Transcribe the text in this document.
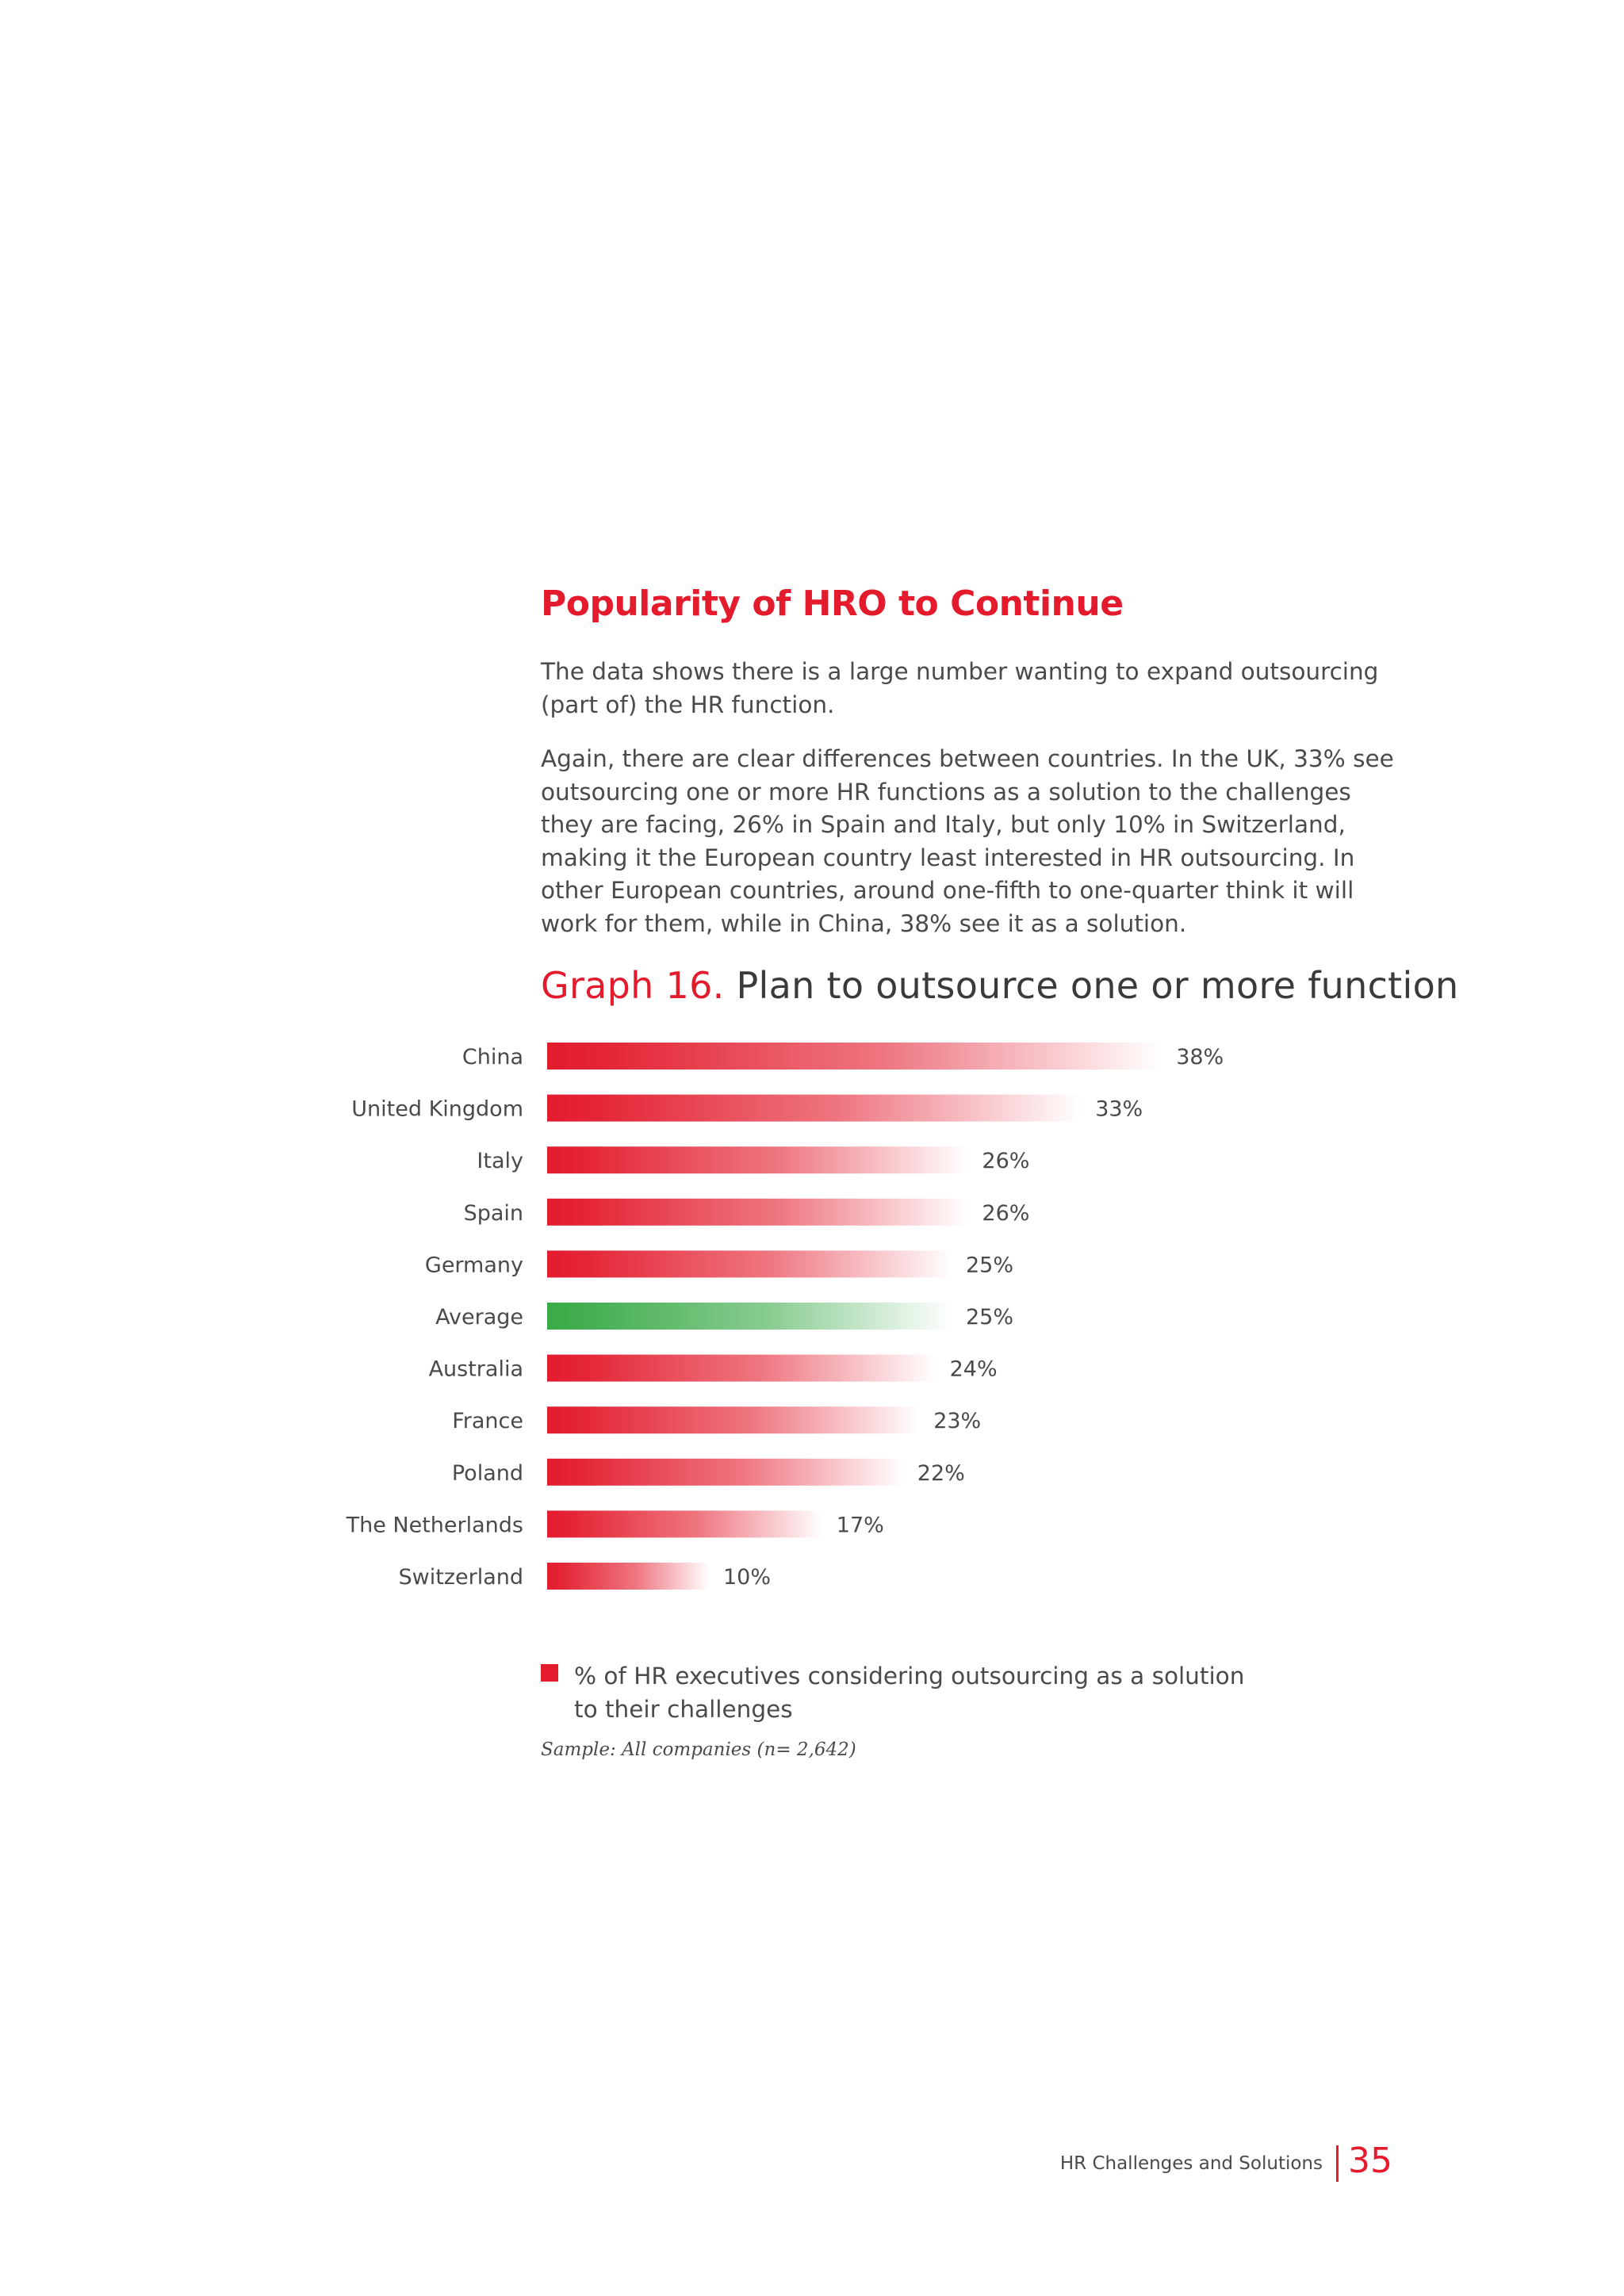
Popularity of HRO to Continue

The data shows there is a large number wanting to expand outsourcing (part of) the HR function.

Again, there are clear differences between countries. In the UK, 33% see outsourcing one or more HR functions as a solution to the challenges they are facing, 26% in Spain and Italy, but only 10% in Switzerland, making it the European country least interested in HR outsourcing. In other European countries, around one-fifth to one-quarter think it will work for them, while in China, 38% see it as a solution.

Graph 16. Plan to outsource one or more function
China	38%
United Kingdom	33%
Italy	26%
Spain	26%
Germany	25%
Average	25%
Australia	24%
France	23%
Poland	22%
The Netherlands	17%
Switzerland	10%

% of HR executives considering outsourcing as a solution to their challenges

Sample: All companies (n= 2,642)

HR Challenges and Solutions 35
